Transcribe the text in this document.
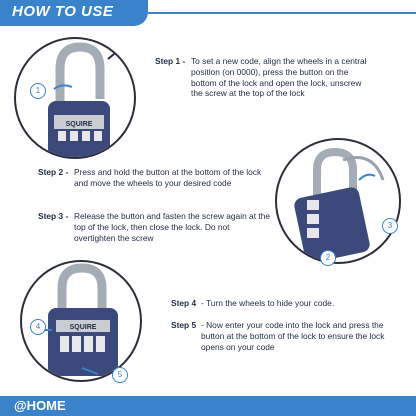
HOW TO USE
SQUIRE
1
Step 1 - To set a new code, align the wheels in a central position (on 0000), press the button on the bottom of the lock and open the lock, unscrew the screw at the top of the lock
Step 2 - Press and hold the button at the bottom of the lock and move the wheels to your desired code
Step 3 - Release the button and fasten the screw again at the top of the lock, then close the lock. Do not overtighten the screw
2
3
SQUIRE
4
5
Step 4 - Turn the wheels to hide your code.
Step 5 - Now enter your code into the lock and press the button at the bottom of the lock to ensure the lock opens on your code
@HOME
